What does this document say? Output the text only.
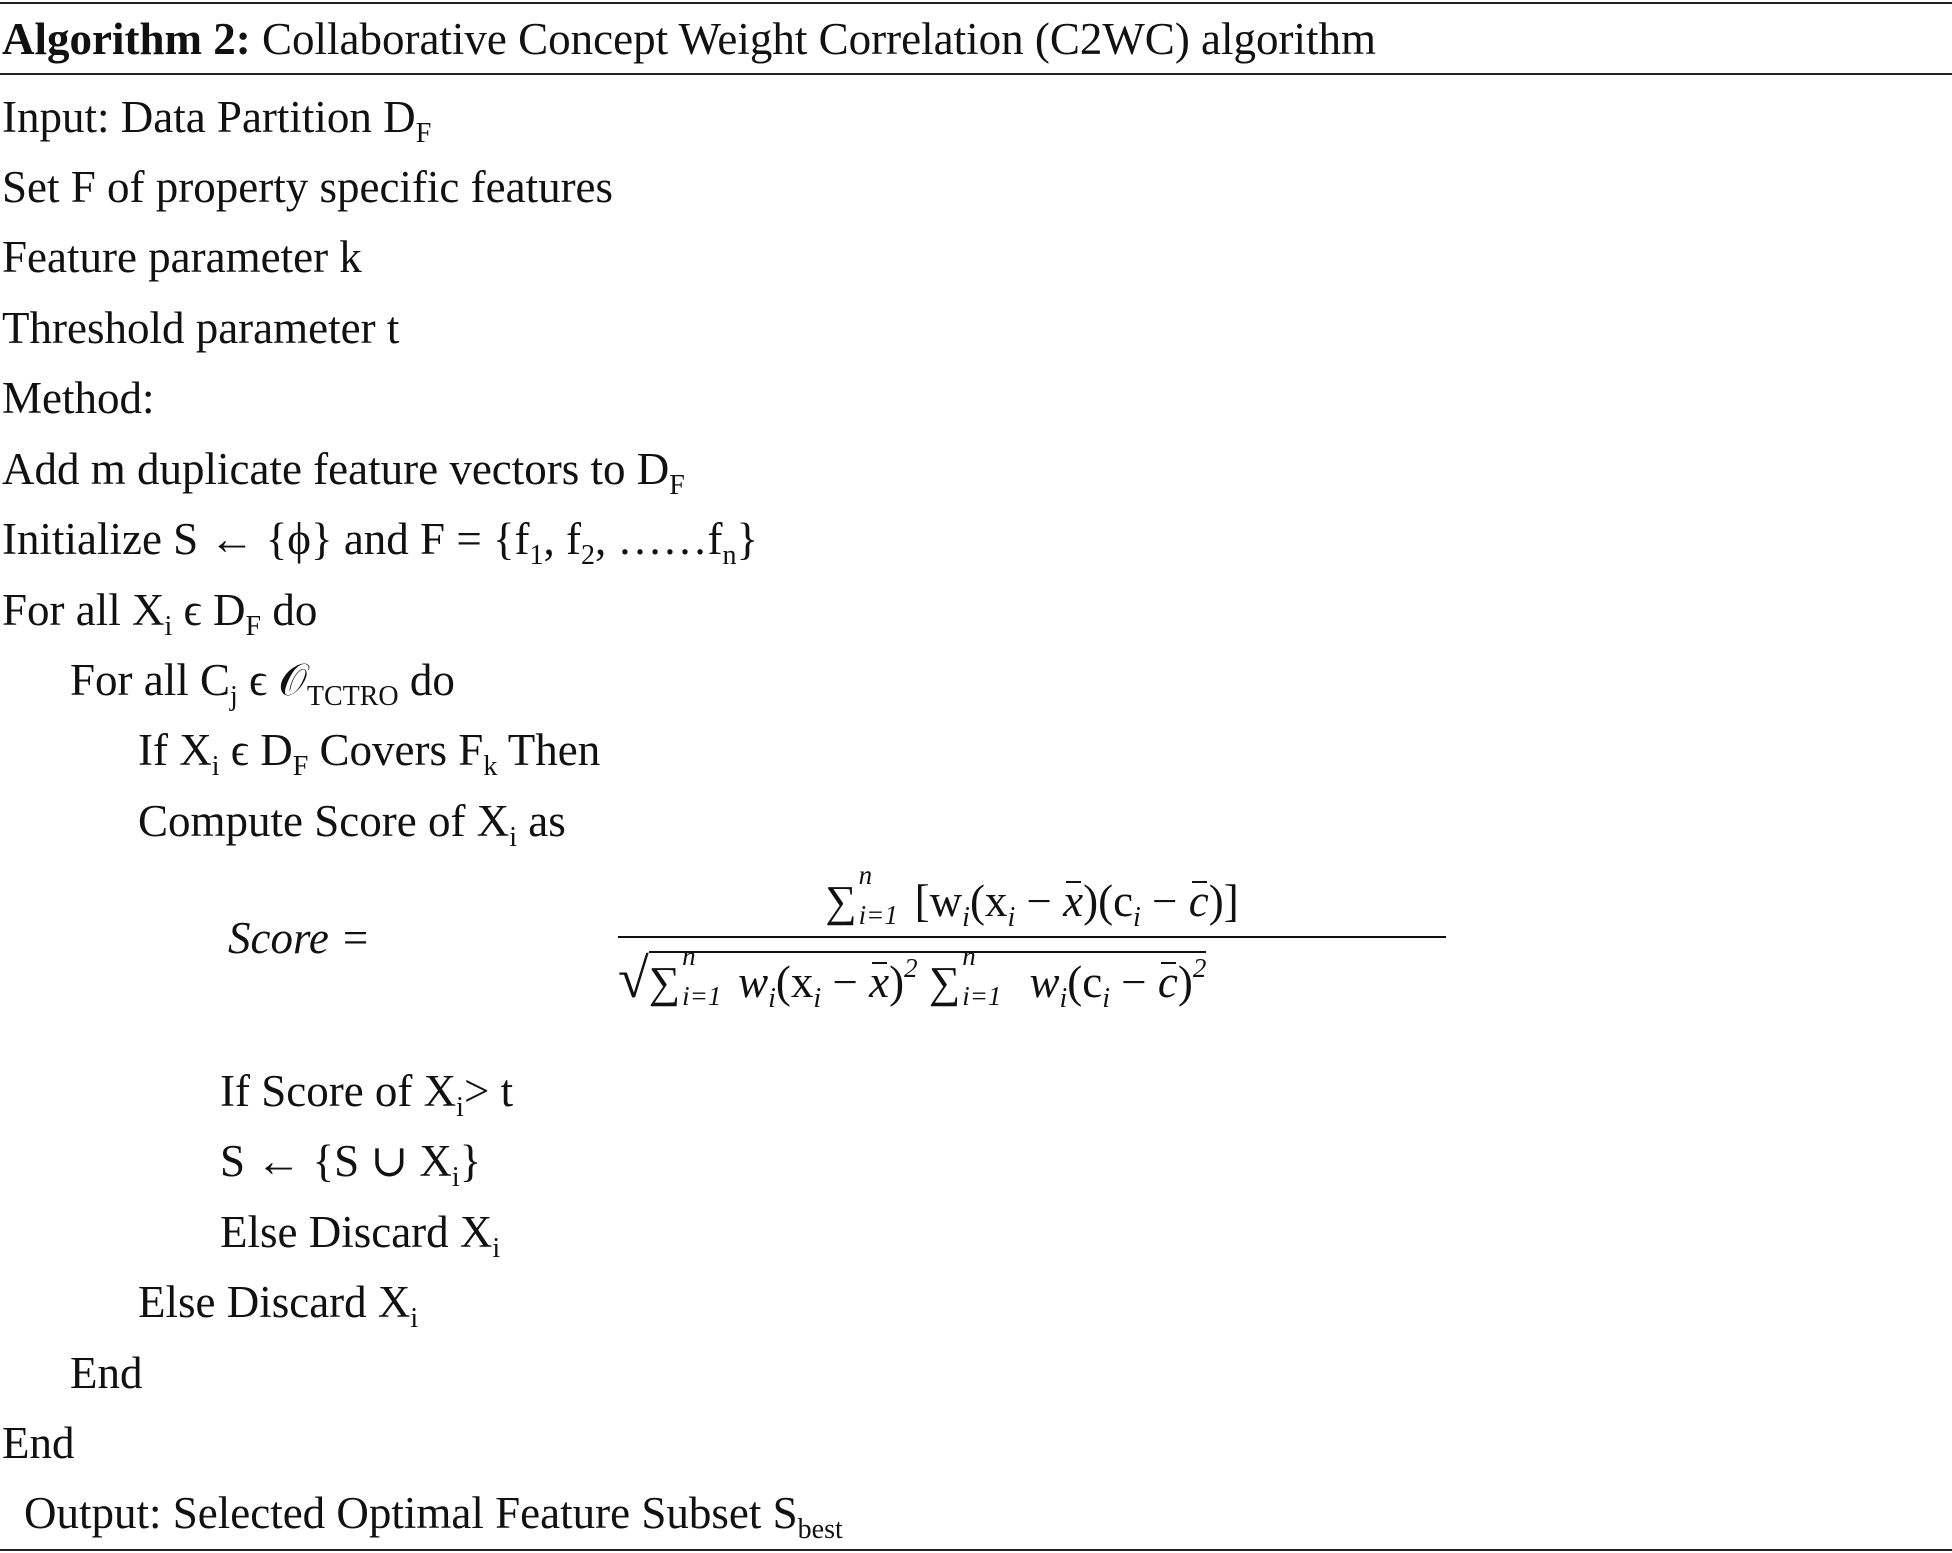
Algorithm 2: Collaborative Concept Weight Correlation (C2WC) algorithm
Input: Data Partition $D_F$
Set F of property specific features
Feature parameter k
Threshold parameter t
Method:
Add m duplicate feature vectors to $D_F$
Initialize S ← {ϕ} and $F = \{f_1$, $f_2$, $\dots\dots f_n$}
For all $X_i$ ϵ $D_F$ do
For all $C_j$ ϵ 𝒪$_{TCTRO}$ do
If $X_i$ ϵ $D_F$ Covers $F_k$ Then
Compute Score of $X_i$ as
Score =
∑
n
i=1 $[w_i(x_i - x)(c_i - c)]$
√∑
n
i=1 $w_i(x_i - x)^2$ ∑
n
i=1 $w_i(c_i - c)^2$
If Score of $X_i> t$
S ← {S ∪ $X_i$}
Else Discard $X_i$
Else Discard $X_i$
End
End
Output: Selected Optimal Feature Subset $S_{best}$
